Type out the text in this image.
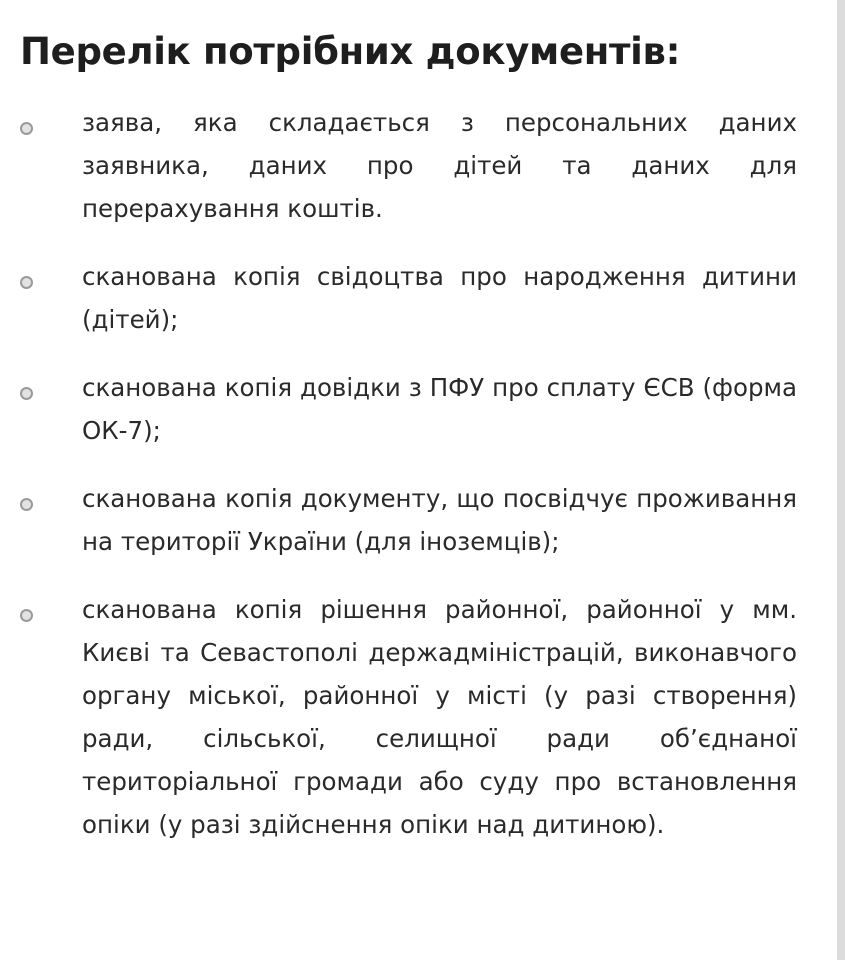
Перелік потрібних документів:
заява, яка складається з персональних даних заявника, даних про дітей та даних для перерахування коштів.
сканована копія свідоцтва про народження дитини (дітей);
сканована копія довідки з ПФУ про сплату ЄСВ (форма ОК-7);
сканована копія документу, що посвідчує проживання на території України (для іноземців);
сканована копія рішення районної, районної у мм. Києві та Севастополі держадміністрацій, виконавчого органу міської, районної у місті (у разі створення) ради, сільської, селищної ради об’єднаної територіальної громади або суду про встановлення опіки (у разі здійснення опіки над дитиною).
